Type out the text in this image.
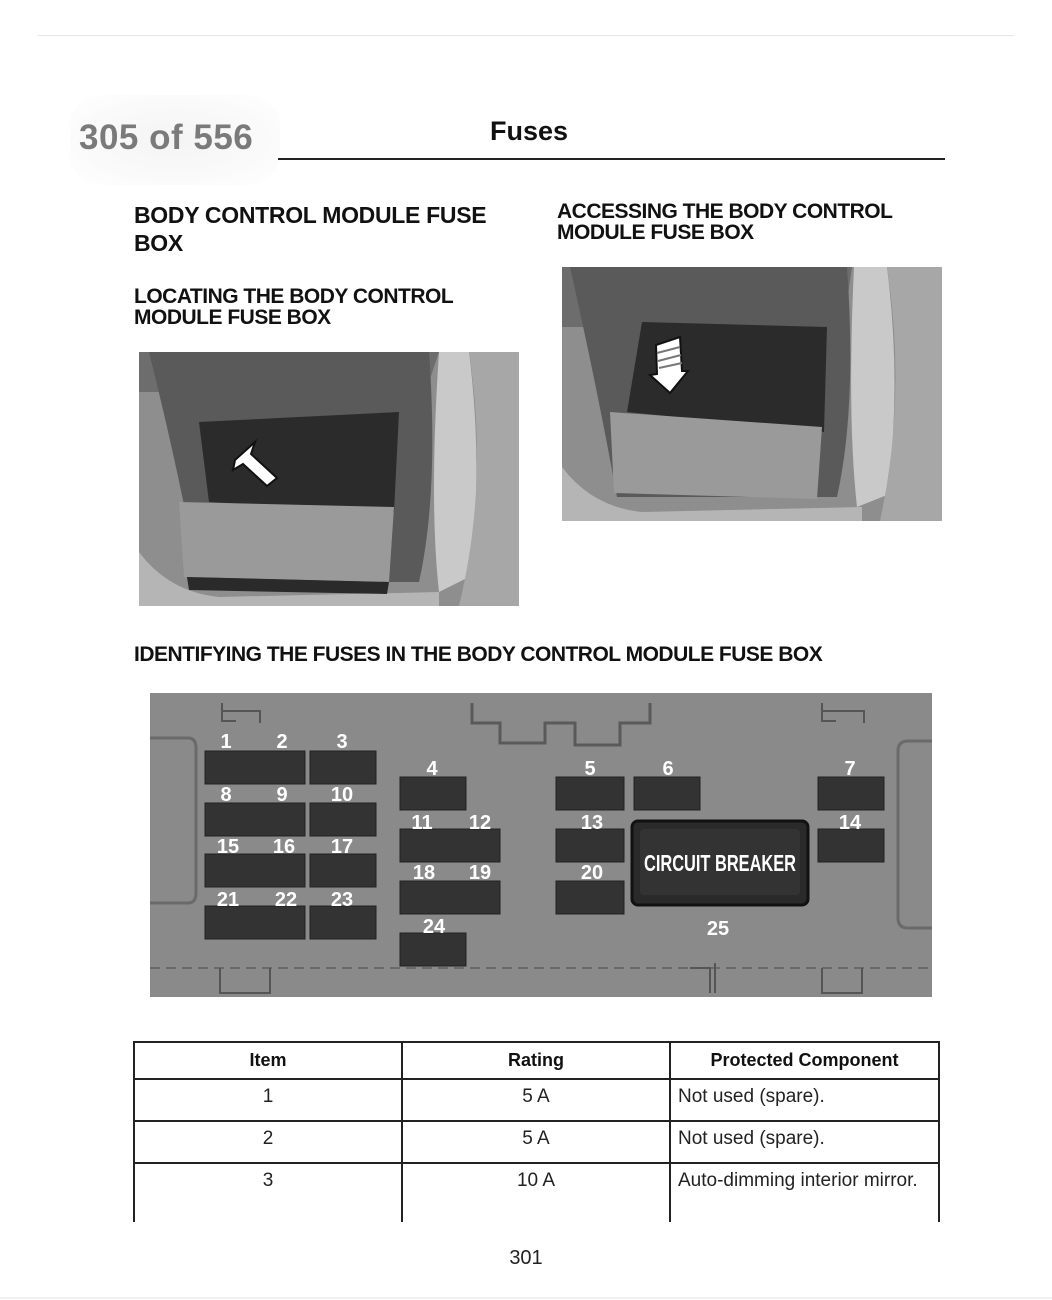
305 of 556	Fuses
BODY CONTROL MODULE FUSE BOX
LOCATING THE BODY CONTROL MODULE FUSE BOX
ACCESSING THE BODY CONTROL MODULE FUSE BOX
IDENTIFYING THE FUSES IN THE BODY CONTROL MODULE FUSE BOX
CIRCUIT BREAKER
1 2 3
4	5	6	7
8 9 10
11 12	13	14
15 16 17
18 19	20
21 22 23
24	25
Item	Rating	Protected Component
1	5 A	Not used (spare).
2	5 A	Not used (spare).
3	10 A	Auto-dimming interior mirror.
301
